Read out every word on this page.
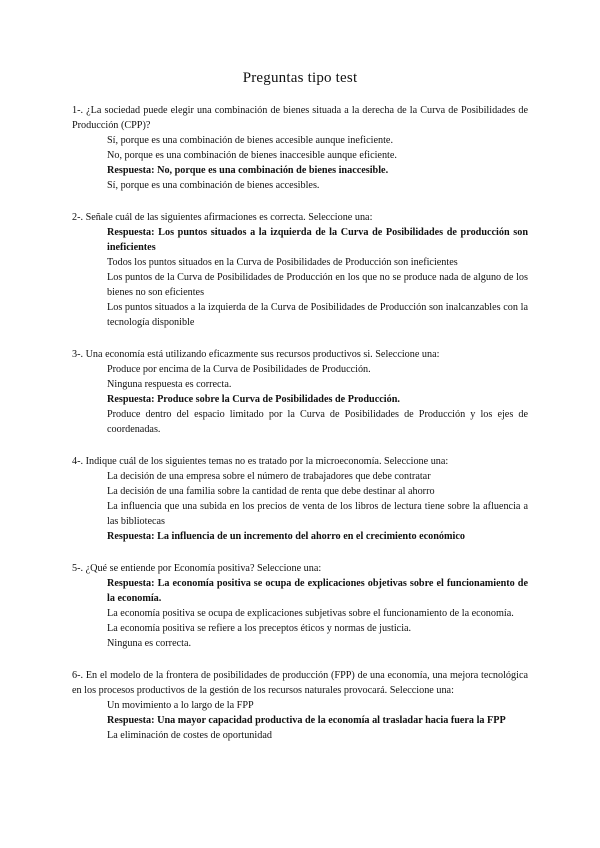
Preguntas tipo test
1-. ¿La sociedad puede elegir una combinación de bienes situada a la derecha de la Curva de Posibilidades de Producción (CPP)?
Sí, porque es una combinación de bienes accesible aunque ineficiente.
No, porque es una combinación de bienes inaccesible aunque eficiente.
Respuesta: No, porque es una combinación de bienes inaccesible.
Sí, porque es una combinación de bienes accesibles.
2-. Señale cuál de las siguientes afirmaciones es correcta. Seleccione una:
Respuesta: Los puntos situados a la izquierda de la Curva de Posibilidades de producción son ineficientes
Todos los puntos situados en la Curva de Posibilidades de Producción son ineficientes
Los puntos de la Curva de Posibilidades de Producción en los que no se produce nada de alguno de los bienes no son eficientes
Los puntos situados a la izquierda de la Curva de Posibilidades de Producción son inalcanzables con la tecnología disponible
3-. Una economía está utilizando eficazmente sus recursos productivos si. Seleccione una:
Produce por encima de la Curva de Posibilidades de Producción.
Ninguna respuesta es correcta.
Respuesta: Produce sobre la Curva de Posibilidades de Producción.
Produce dentro del espacio limitado por la Curva de Posibilidades de Producción y los ejes de coordenadas.
4-. Indique cuál de los siguientes temas no es tratado por la microeconomía. Seleccione una:
La decisión de una empresa sobre el número de trabajadores que debe contratar
La decisión de una familia sobre la cantidad de renta que debe destinar al ahorro
La influencia que una subida en los precios de venta de los libros de lectura tiene sobre la afluencia a las bibliotecas
Respuesta: La influencia de un incremento del ahorro en el crecimiento económico
5-. ¿Qué se entiende por Economía positiva? Seleccione una:
Respuesta: La economía positiva se ocupa de explicaciones objetivas sobre el funcionamiento de la economía.
La economía positiva se ocupa de explicaciones subjetivas sobre el funcionamiento de la economía.
La economía positiva se refiere a los preceptos éticos y normas de justicia.
Ninguna es correcta.
6-. En el modelo de la frontera de posibilidades de producción (FPP) de una economía, una mejora tecnológica en los procesos productivos de la gestión de los recursos naturales provocará. Seleccione una:
Un movimiento a lo largo de la FPP
Respuesta: Una mayor capacidad productiva de la economía al trasladar hacia fuera la FPP
La eliminación de costes de oportunidad
